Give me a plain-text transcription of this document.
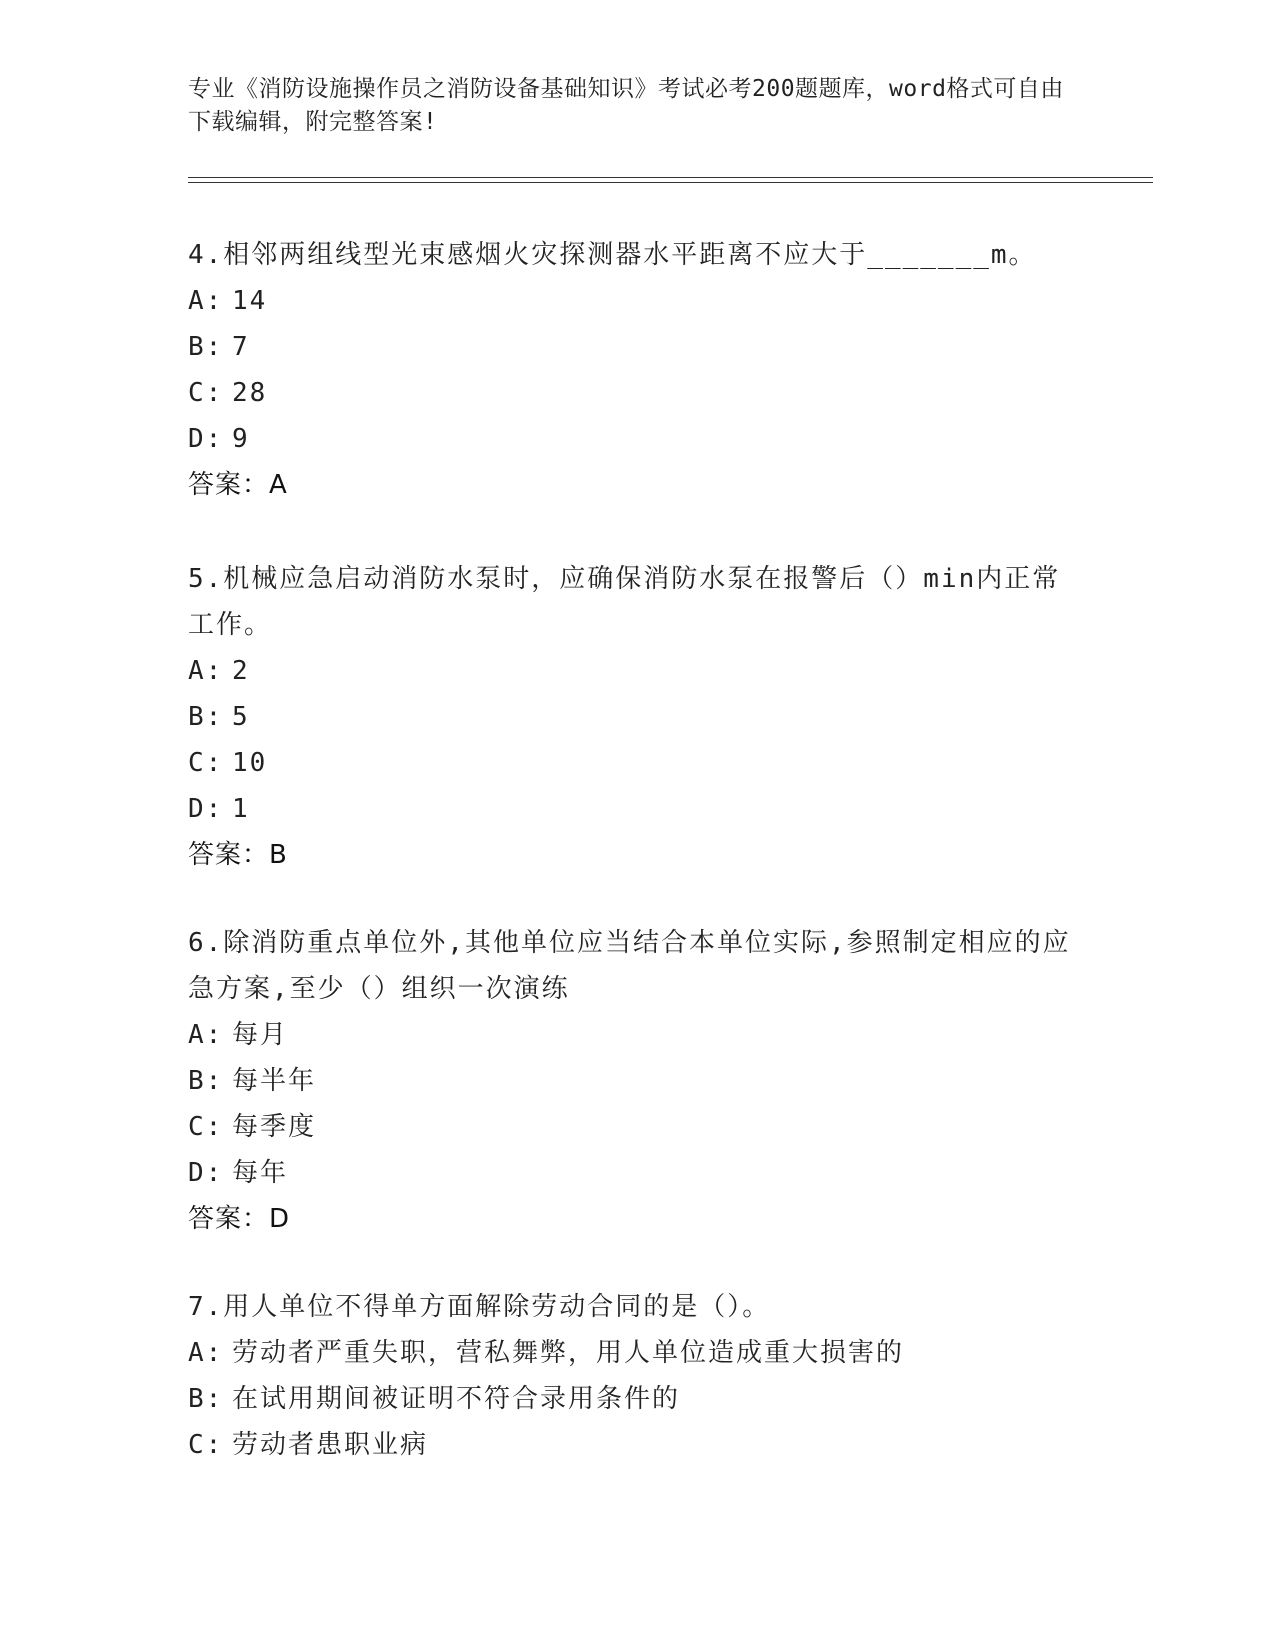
专业《消防设施操作员之消防设备基础知识》考试必考200题题库，word格式可自由下载编辑，附完整答案!

4.相邻两组线型光束感烟火灾探测器水平距离不应大于_______m。

A: 14

B: 7

C: 28

D: 9

答案：A

5.机械应急启动消防水泵时，应确保消防水泵在报警后（）min内正常工作。

A: 2

B: 5

C: 10

D: 1

答案：B

6.除消防重点单位外,其他单位应当结合本单位实际,参照制定相应的应急方案,至少（）组织一次演练

A: 每月

B: 每半年

C: 每季度

D: 每年

答案：D

7.用人单位不得单方面解除劳动合同的是（）。

A: 劳动者严重失职，营私舞弊，用人单位造成重大损害的

B: 在试用期间被证明不符合录用条件的

C: 劳动者患职业病
